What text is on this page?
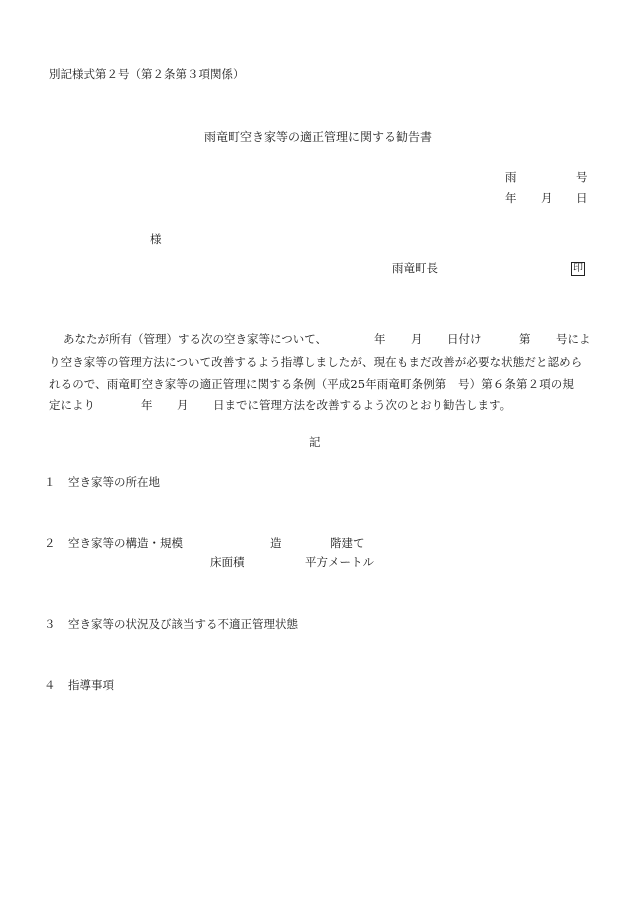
別記様式第２号（第２条第３項関係）
雨竜町空き家等の適正管理に関する勧告書
雨	号
年 月 日
様
雨竜町長	印
あなたが所有（管理）する次の空き家等について、	年 月 日付け	第 号によ
り空き家等の管理方法について改善するよう指導しましたが、現在もまだ改善が必要な状態だと認めら
れるので、雨竜町空き家等の適正管理に関する条例（平成25年雨竜町条例第　号）第６条第２項の規
定により	年 月 日までに管理方法を改善するよう次のとおり勧告します。
記
１ 空き家等の所在地
２ 空き家等の構造・規模	造	階建て
床面積	平方メートル
３ 空き家等の状況及び該当する不適正管理状態
４ 指導事項
